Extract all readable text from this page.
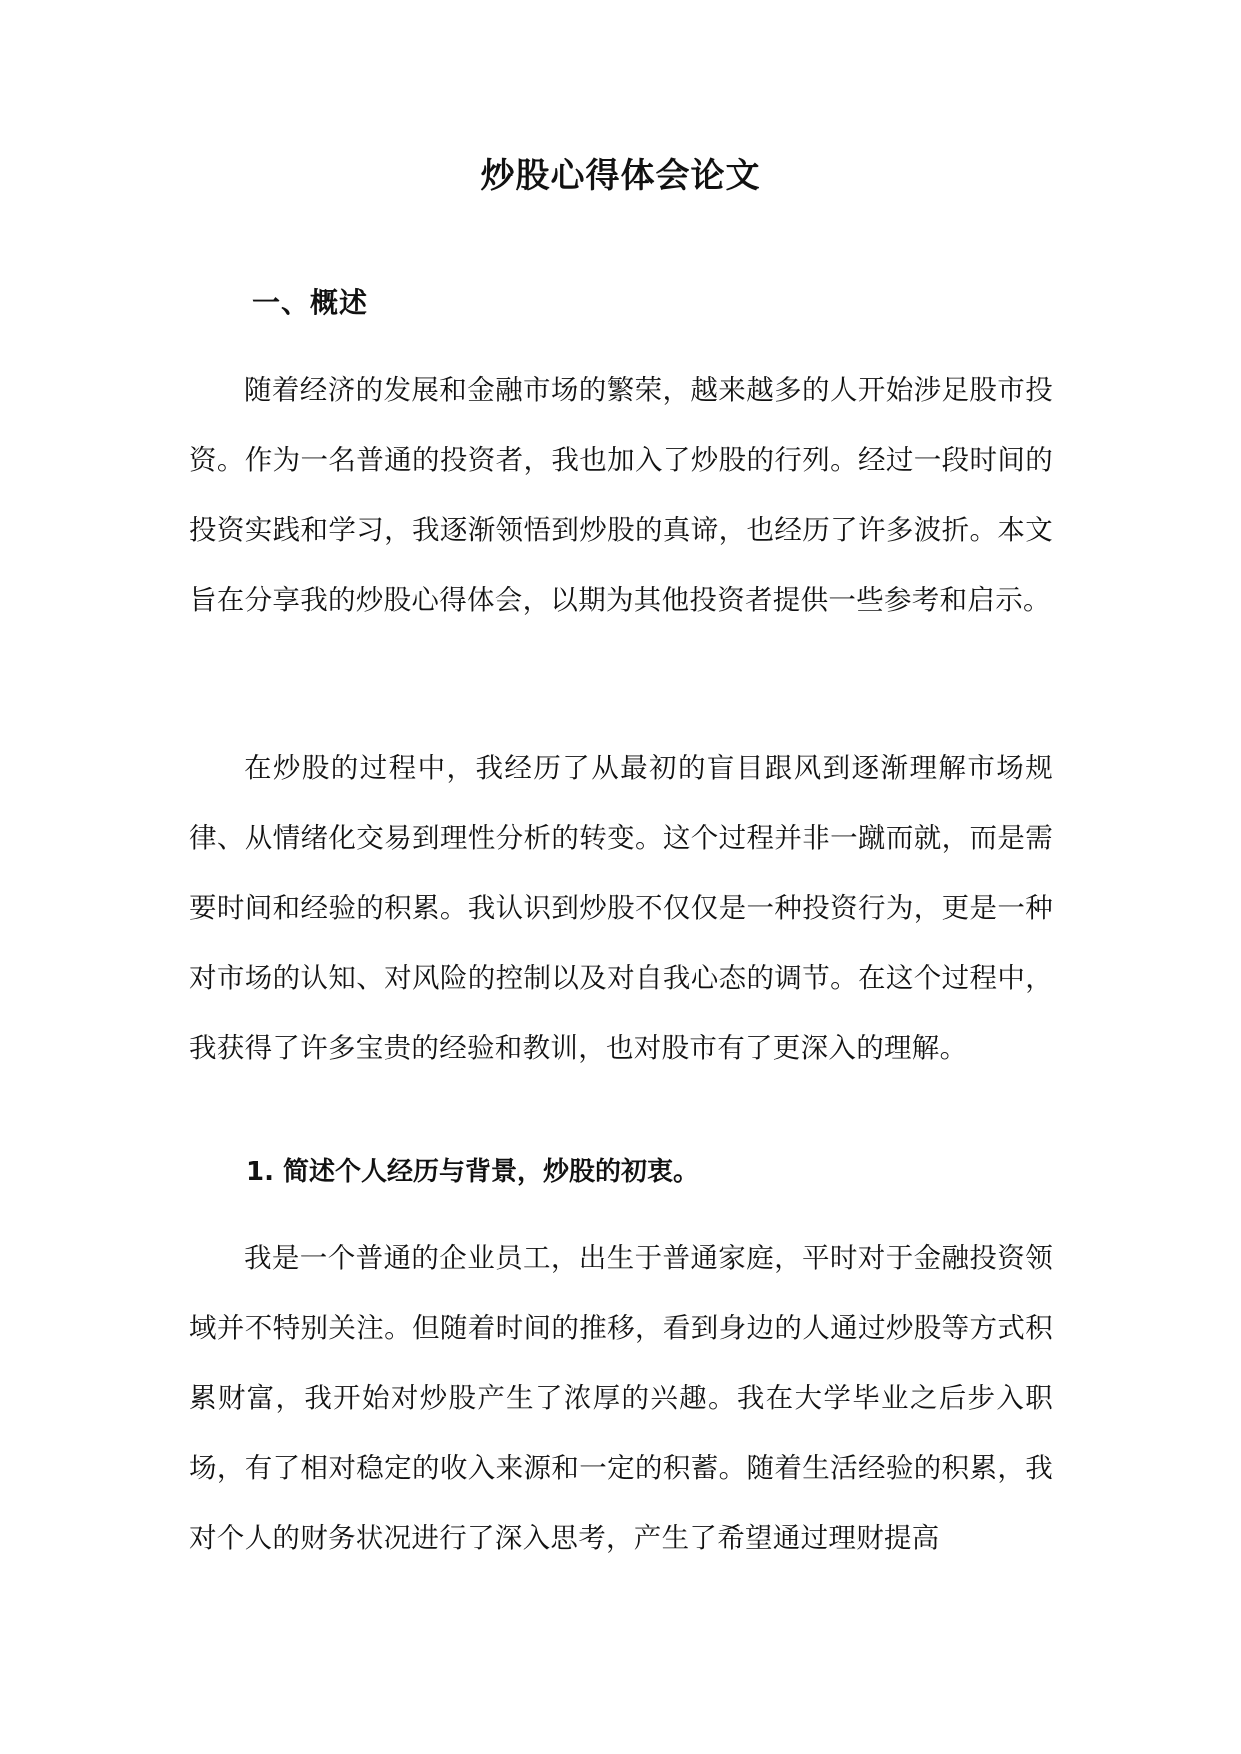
炒股心得体会论文
一、概述

随着经济的发展和金融市场的繁荣，越来越多的人开始涉足股市投资。作为一名普通的投资者，我也加入了炒股的行列。经过一段时间的投资实践和学习，我逐渐领悟到炒股的真谛，也经历了许多波折。本文旨在分享我的炒股心得体会，以期为其他投资者提供一些参考和启示。

在炒股的过程中，我经历了从最初的盲目跟风到逐渐理解市场规律、从情绪化交易到理性分析的转变。这个过程并非一蹴而就，而是需要时间和经验的积累。我认识到炒股不仅仅是一种投资行为，更是一种对市场的认知、对风险的控制以及对自我心态的调节。在这个过程中，我获得了许多宝贵的经验和教训，也对股市有了更深入的理解。

1. 简述个人经历与背景，炒股的初衷。

我是一个普通的企业员工，出生于普通家庭，平时对于金融投资领域并不特别关注。但随着时间的推移，看到身边的人通过炒股等方式积累财富，我开始对炒股产生了浓厚的兴趣。我在大学毕业之后步入职场，有了相对稳定的收入来源和一定的积蓄。随着生活经验的积累，我对个人的财务状况进行了深入思考，产生了希望通过理财提高
